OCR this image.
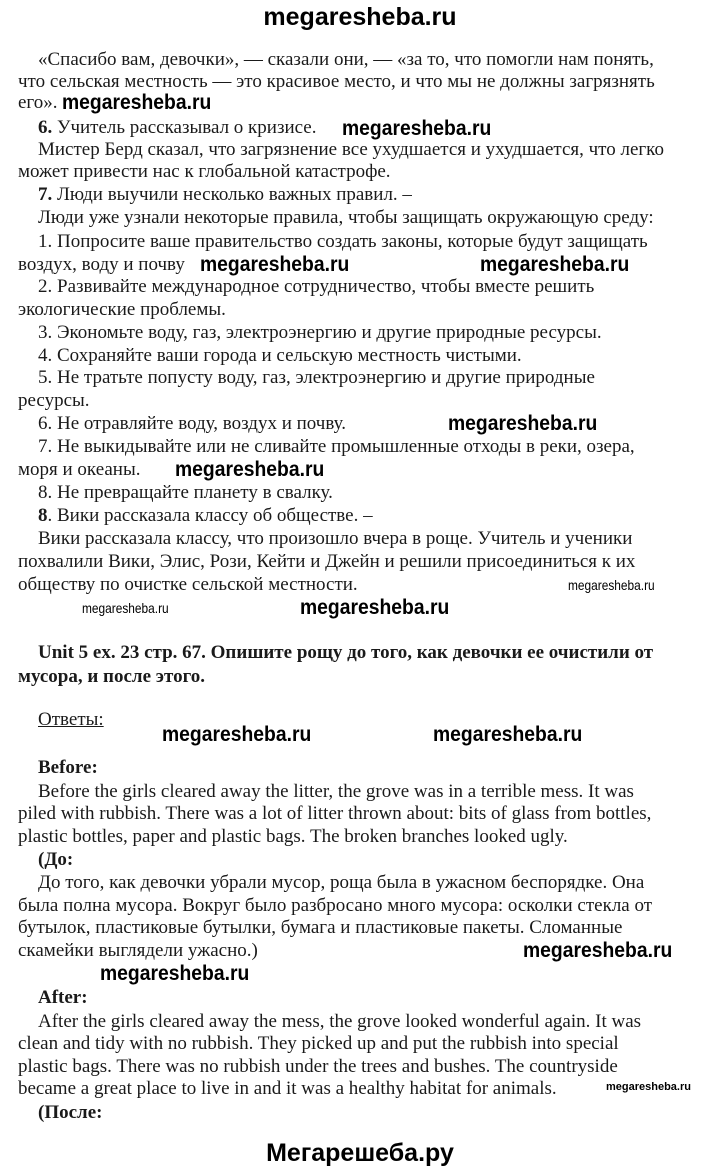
megaresheba.ru
«Спасибо вам, девочки», — сказали они, — «за то, что помогли нам понять,
что сельская местность — это красивое место, и что мы не должны загрязнять
его». megaresheba.ru
6. Учитель рассказывал о кризисе. megaresheba.ru
Мистер Берд сказал, что загрязнение все ухудшается и ухудшается, что легко
может привести нас к глобальной катастрофе.
7. Люди выучили несколько важных правил. –
Люди уже узнали некоторые правила, чтобы защищать окружающую среду:
1. Попросите ваше правительство создать законы, которые будут защищать
воздух, воду и почву megaresheba.ru	megaresheba.ru
2. Развивайте международное сотрудничество, чтобы вместе решить
экологические проблемы.
3. Экономьте воду, газ, электроэнергию и другие природные ресурсы.
4. Сохраняйте ваши города и сельскую местность чистыми.
5. Не тратьте попусту воду, газ, электроэнергию и другие природные
ресурсы.
6. Не отравляйте воду, воздух и почву.	megaresheba.ru
7. Не выкидывайте или не сливайте промышленные отходы в реки, озера,
моря и океаны. megaresheba.ru
8. Не превращайте планету в свалку.
8. Вики рассказала классу об обществе. –
Вики рассказала классу, что произошло вчера в роще. Учитель и ученики
похвалили Вики, Элис, Рози, Кейти и Джейн и решили присоединиться к их
обществу по очистке сельской местности.	megaresheba.ru
megaresheba.ru	megaresheba.ru
Unit 5 ex. 23 стр. 67. Опишите рощу до того, как девочки ее очистили от
мусора, и после этого.
Ответы:
megaresheba.ru	megaresheba.ru
Before:
Before the girls cleared away the litter, the grove was in a terrible mess. It was
piled with rubbish. There was a lot of litter thrown about: bits of glass from bottles,
plastic bottles, paper and plastic bags. The broken branches looked ugly.
(До:
До того, как девочки убрали мусор, роща была в ужасном беспорядке. Она
была полна мусора. Вокруг было разбросано много мусора: осколки стекла от
бутылок, пластиковые бутылки, бумага и пластиковые пакеты. Сломанные
скамейки выглядели ужасно.)	megaresheba.ru
megaresheba.ru
After:
After the girls cleared away the mess, the grove looked wonderful again. It was
clean and tidy with no rubbish. They picked up and put the rubbish into special
plastic bags. There was no rubbish under the trees and bushes. The countryside
became a great place to live in and it was a healthy habitat for animals.	megaresheba.ru
(После:
Мегарешеба.ру
